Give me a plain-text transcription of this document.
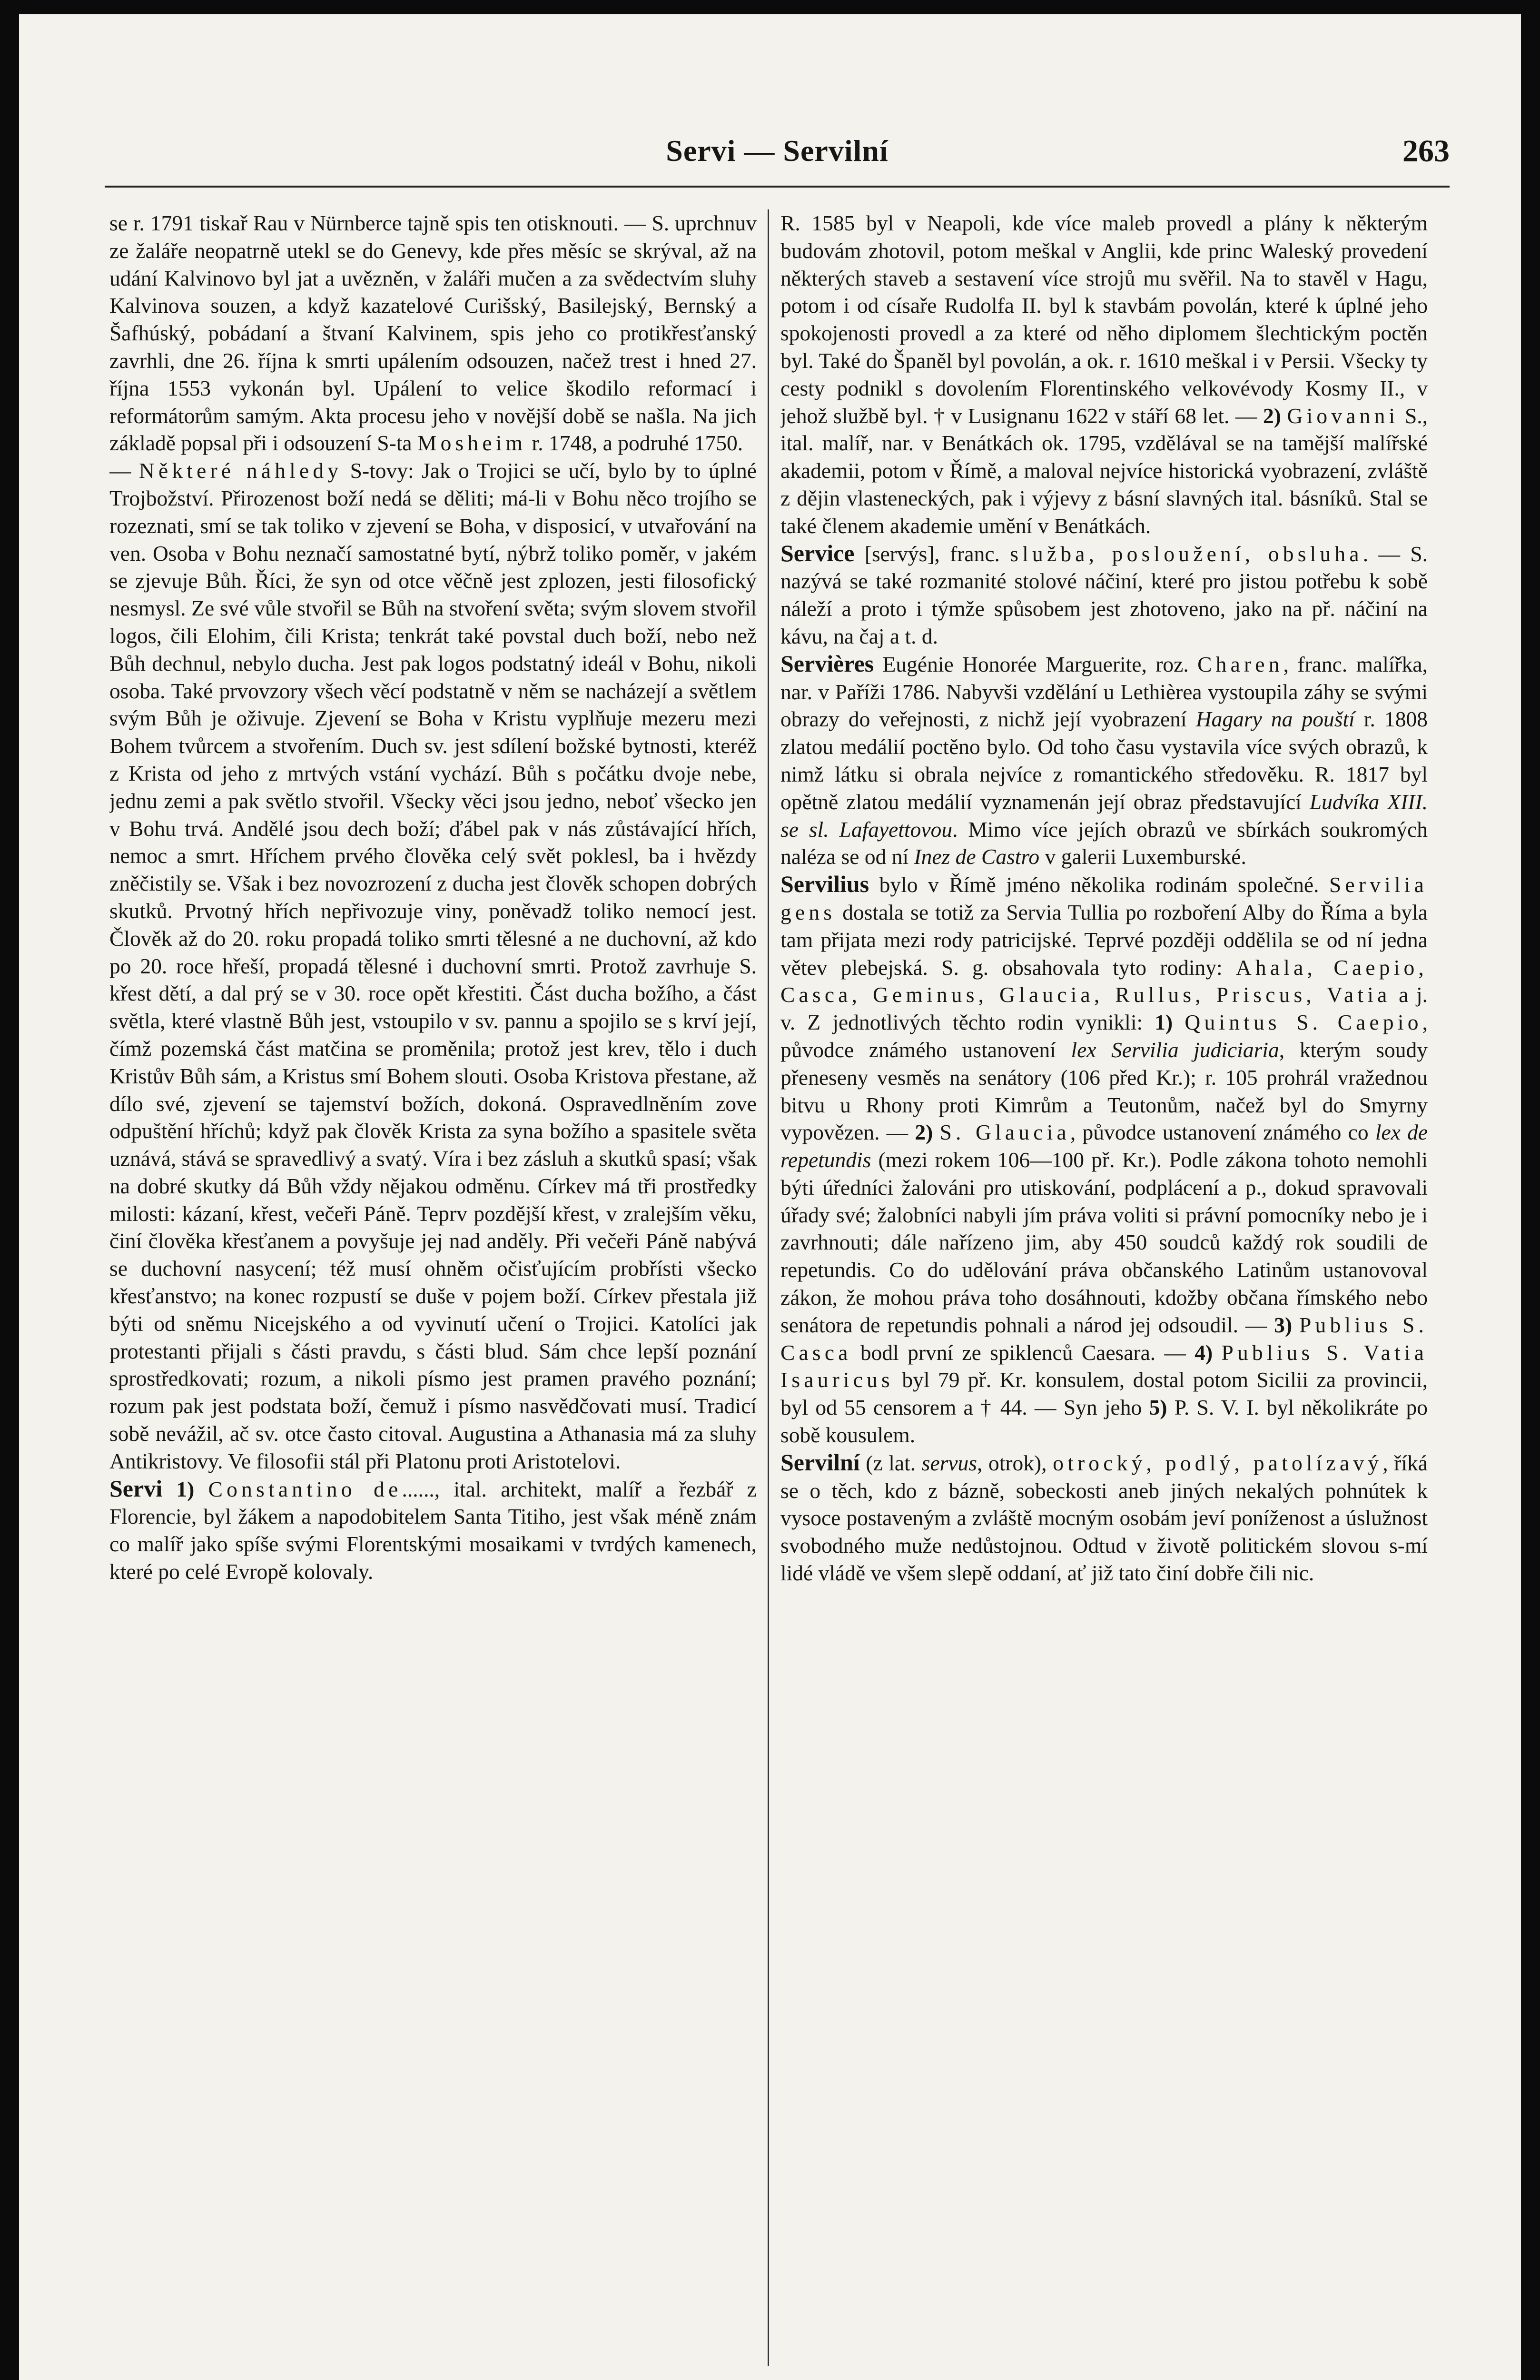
Servi — Servilní	263

se r. 1791 tiskař Rau v Nürnberce tajně spis ten otisknouti. — S. uprchnuv ze žaláře neopatrně utekl se do Genevy, kde přes měsíc se skrýval, až na udání Kalvinovo byl jat a uvězněn, v žaláři mučen a za svědectvím sluhy Kalvinova souzen, a když kazatelové Curišský, Basilejský, Bernský a Šafhúský, pobádaní a štvaní Kalvinem, spis jeho co protikřesťanský zavrhli, dne 26. října k smrti upálením odsouzen, načež trest i hned 27. října 1553 vykonán byl. Upálení to velice škodilo reformací i reformátorům samým. Akta procesu jeho v novější době se našla. Na jich základě popsal při i odsouzení S-ta Mosheim r. 1748, a podruhé 1750.

— Některé náhledy S-tovy: Jak o Trojici se učí, bylo by to úplné Trojbožství. Přirozenost boží nedá se děliti; má-li v Bohu něco trojího se rozeznati, smí se tak toliko v zjevení se Boha, v disposicí, v utvařování na ven. Osoba v Bohu neznačí samostatné bytí, nýbrž toliko poměr, v jakém se zjevuje Bůh. Říci, že syn od otce věčně jest zplozen, jesti filosofický nesmysl. Ze své vůle stvořil se Bůh na stvoření světa; svým slovem stvořil logos, čili Elohim, čili Krista; tenkrát také povstal duch boží, nebo než Bůh dechnul, nebylo ducha. Jest pak logos podstatný ideál v Bohu, nikoli osoba. Také prvovzory všech věcí podstatně v něm se nacházejí a světlem svým Bůh je oživuje. Zjevení se Boha v Kristu vyplňuje mezeru mezi Bohem tvůrcem a stvořením. Duch sv. jest sdílení božské bytnosti, kteréž z Krista od jeho z mrtvých vstání vychází. Bůh s počátku dvoje nebe, jednu zemi a pak světlo stvořil. Všecky věci jsou jedno, neboť všecko jen v Bohu trvá. Andělé jsou dech boží; ďábel pak v nás zůstávající hřích, nemoc a smrt. Hříchem prvého člověka celý svět poklesl, ba i hvězdy zněčistily se. Však i bez novozrození z ducha jest člověk schopen dobrých skutků. Prvotný hřích nepřivozuje viny, poněvadž toliko nemocí jest. Člověk až do 20. roku propadá toliko smrti tělesné a ne duchovní, až kdo po 20. roce hřeší, propadá tělesné i duchovní smrti. Protož zavrhuje S. křest dětí, a dal prý se v 30. roce opět křestiti. Část ducha božího, a část světla, které vlastně Bůh jest, vstoupilo v sv. pannu a spojilo se s krví její, čímž pozemská část matčina se proměnila; protož jest krev, tělo i duch Kristův Bůh sám, a Kristus smí Bohem slouti. Osoba Kristova přestane, až dílo své, zjevení se tajemství božích, dokoná. Ospravedlněním zove odpuštění hříchů; když pak člověk Krista za syna božího a spasitele světa uznává, stává se spravedlivý a svatý. Víra i bez zásluh a skutků spasí; však na dobré skutky dá Bůh vždy nějakou odměnu. Církev má tři prostředky milosti: kázaní, křest, večeři Páně. Teprv pozdější křest, v zralejším věku, činí člověka křesťanem a povyšuje jej nad anděly. Při večeři Páně nabývá se duchovní nasycení; též musí ohněm očisťujícím probřísti všecko křesťanstvo; na konec rozpustí se duše v pojem boží. Církev přestala již býti od sněmu Nicejského a od vyvinutí učení o Trojici. Katolíci jak protestanti přijali s části pravdu, s části blud. Sám chce lepší poznání sprostředkovati; rozum, a nikoli písmo jest pramen pravého poznání; rozum pak jest podstata boží, čemuž i písmo nasvědčovati musí. Tradicí sobě nevážil, ač sv. otce často citoval. Augustina a Athanasia má za sluhy Antikristovy. Ve filosofii stál při Platonu proti Aristotelovi.

Servi 1) Constantino de......, ital. architekt, malíř a řezbář z Florencie, byl žákem a napodobitelem Santa Titiho, jest však méně znám co malíř jako spíše svými Florentskými mosaikami v tvrdých kamenech, které po celé Evropě kolovaly.

R. 1585 byl v Neapoli, kde více maleb provedl a plány k některým budovám zhotovil, potom meškal v Anglii, kde princ Waleský provedení některých staveb a sestavení více strojů mu svěřil. Na to stavěl v Hagu, potom i od císaře Rudolfa II. byl k stavbám povolán, které k úplné jeho spokojenosti provedl a za které od něho diplomem šlechtickým poctěn byl. Také do Španěl byl povolán, a ok. r. 1610 meškal i v Persii. Všecky ty cesty podnikl s dovolením Florentinského velkovévody Kosmy II., v jehož službě byl. † v Lusignanu 1622 v stáří 68 let. — 2) Giovanni S., ital. malíř, nar. v Benátkách ok. 1795, vzdělával se na tamější malířské akademii, potom v Římě, a maloval nejvíce historická vyobrazení, zvláště z dějin vlasteneckých, pak i výjevy z básní slavných ital. básníků. Stal se také členem akademie umění v Benátkách.

Service [servýs], franc. služba, posloužení, obsluha. — S. nazývá se také rozmanité stolové náčiní, které pro jistou potřebu k sobě náleží a proto i týmže spůsobem jest zhotoveno, jako na př. náčiní na kávu, na čaj a t. d.

Servières Eugénie Honorée Marguerite, roz. Charen, franc. malířka, nar. v Paříži 1786. Nabyvši vzdělání u Lethièrea vystoupila záhy se svými obrazy do veřejnosti, z nichž její vyobrazení Hagary na pouští r. 1808 zlatou medálií poctěno bylo. Od toho času vystavila více svých obrazů, k nimž látku si obrala nejvíce z romantického středověku. R. 1817 byl opětně zlatou medálií vyznamenán její obraz představující Ludvíka XIII. se sl. Lafayettovou. Mimo více jejích obrazů ve sbírkách soukromých naléza se od ní Inez de Castro v galerii Luxemburské.

Servilius bylo v Římě jméno několika rodinám společné. Servilia gens dostala se totiž za Servia Tullia po rozboření Alby do Říma a byla tam přijata mezi rody patricijské. Teprvé později oddělila se od ní jedna větev plebejská. S. g. obsahovala tyto rodiny: Ahala, Caepio, Casca, Geminus, Glaucia, Rullus, Priscus, Vatia a j. v. Z jednotlivých těchto rodin vynikli: 1) Quintus S. Caepio, původce známého ustanovení lex Servilia judiciaria, kterým soudy přeneseny vesměs na senátory (106 před Kr.); r. 105 prohrál vražednou bitvu u Rhony proti Kimrům a Teutonům, načež byl do Smyrny vypovězen. — 2) S. Glaucia, původce ustanovení známého co lex de repetundis (mezi rokem 106—100 př. Kr.). Podle zákona tohoto nemohli býti úředníci žalováni pro utiskování, podplácení a p., dokud spravovali úřady své; žalobníci nabyli jím práva voliti si právní pomocníky nebo je i zavrhnouti; dále nařízeno jim, aby 450 soudců každý rok soudili de repetundis. Co do udělování práva občanského Latinům ustanovoval zákon, že mohou práva toho dosáhnouti, kdožby občana římského nebo senátora de repetundis pohnali a národ jej odsoudil. — 3) Publius S. Casca bodl první ze spiklenců Caesara. — 4) Publius S. Vatia Isauricus byl 79 př. Kr. konsulem, dostal potom Sicilii za provincii, byl od 55 censorem a † 44. — Syn jeho 5) P. S. V. I. byl několikráte po sobě kousulem.

Servilní (z lat. servus, otrok), otrocký, podlý, patolízavý, říká se o těch, kdo z bázně, sobeckosti aneb jiných nekalých pohnútek k vysoce postaveným a zvláště mocným osobám jeví poníženost a úslužnost svobodného muže nedůstojnou. Odtud v životě politickém slovou s-mí lidé vládě ve všem slepě oddaní, ať již tato činí dobře čili nic.
